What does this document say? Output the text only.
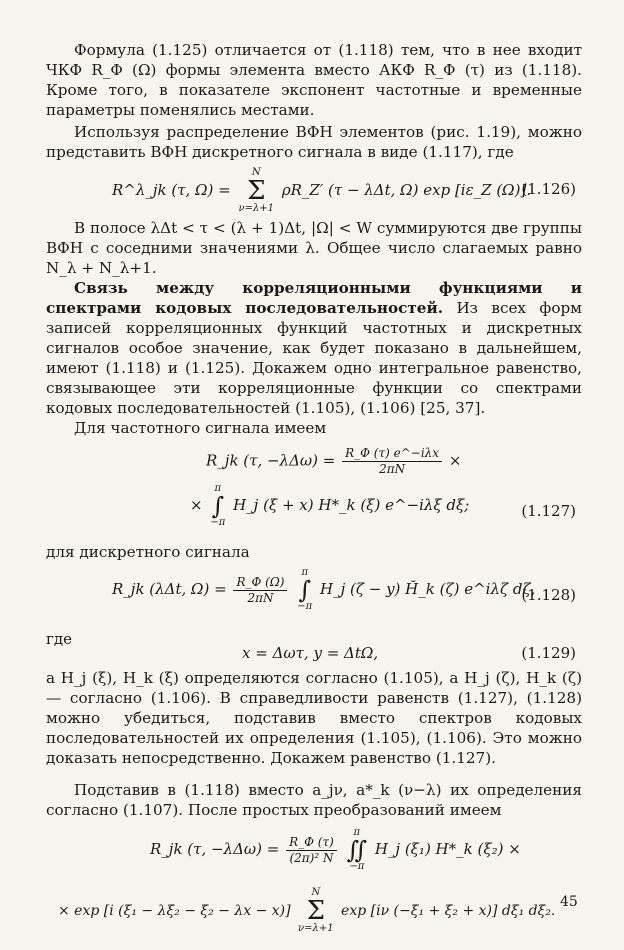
Формула (1.125) отличается от (1.118) тем, что в нее входит ЧКФ R_Φ (Ω) формы элемента вместо АКФ R_Φ (τ) из (1.118). Кроме того, в показателе экспонент частотные и временные параметры поменялись местами.

Используя распределение ВФН элементов (рис. 1.19), можно представить ВФН дискретного сигнала в виде (1.117), где

R^λ_jk (τ, Ω) =
N
Σ
ν=λ+1
ρR_Z′ (τ − λΔt, Ω) exp [iε_Z (Ω)].
(1.126)

В полосе λΔt < τ < (λ + 1)Δt, |Ω| < W суммируются две группы ВФН с соседними значениями λ. Общее число слагаемых равно N_λ + N_λ+1.

Связь между корреляционными функциями и спектрами кодовых последовательностей. Из всех форм записей корреляционных функций частотных и дискретных сигналов особое значение, как будет показано в дальнейшем, имеют (1.118) и (1.125). Докажем одно интегральное равенство, связывающее эти корреляционные функции со спектрами кодовых последовательностей (1.105), (1.106) [25, 37].

Для частотного сигнала имеем

R_jk (τ, $-\lambda\Delta\omega) = \frac{\text{R\_Φ (τ) e\textasciicircum{}−iλx}}{2\pi N}$ ×
×
π
∫
−π
H_j (ξ + x) H*_k (ξ) e^−iλξ dξ;	(1.127)

для дискретного сигнала

R_jk (λΔt, $\Omega) = \frac{R\_\Phi (\Omega)}{2\pi N}$

π
∫
−π
H_j (ζ − y) H̆_k (ζ) e^iλζ dζ,
(1.128)
где
x = Δωτ, y = ΔtΩ,	(1.129)

а H_j (ξ), H_k (ξ) определяются согласно (1.105), а H_j (ζ), H_k (ζ) — согласно (1.106). В справедливости равенств (1.127), (1.128) можно убедиться, подставив вместо спектров кодовых последовательностей их определения (1.105), (1.106). Это можно доказать непосредственно. Докажем равенство (1.127).

Подставив в (1.118) вместо a_jν, a*_k (ν−λ) их определения согласно (1.107). После простых преобразований имеем

R_jk (τ, $-\lambda\Delta\omega) = \frac{R\_\Phi (\tau)}{\text{(2π)² N}}$

π
∬
−π
H_j (ξ₁) H*_k (ξ₂) ×
× exp [i (ξ₁ − λξ₂ − ξ₂ − λx − x)]
N
Σ
ν=λ+1
exp [iν (−ξ₁ + ξ₂ + x)] dξ₁ dξ₂.
45
